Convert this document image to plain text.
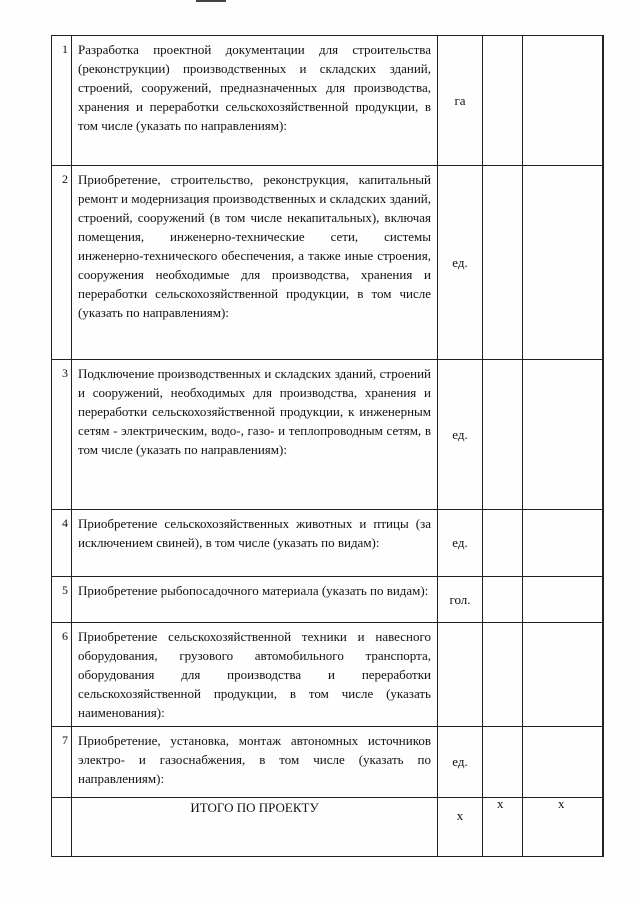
1 Разработка проектной документации для строительства (реконструкции) производственных и складских зданий, строений, сооружений, предназначенных для производства, хранения и переработки сельскохозяйственной продукции, в том числе (указать по направлениям):
га
2 Приобретение, строительство, реконструкция, капитальный ремонт и модернизация производственных и складских зданий, строений, сооружений (в том числе некапитальных), включая помещения, инженерно-технические сети, системы инженерно-технического обеспечения, а также иные строения, сооружения необходимые для производства, хранения и переработки сельскохозяйственной продукции, в том числе (указать по направлениям):
ед.
3 Подключение производственных и складских зданий, строений и сооружений, необходимых для производства, хранения и переработки сельскохозяйственной продукции, к инженерным сетям - электрическим, водо-, газо- и теплопроводным сетям, в том числе (указать по направлениям):
ед.
4 Приобретение сельскохозяйственных животных и птицы (за исключением свиней), в том числе (указать по видам):	ед.
5 Приобретение рыбопосадочного материала (указать по видам):
гол.
6 Приобретение сельскохозяйственной техники и навесного оборудования, грузового автомобильного транспорта, оборудования для производства и переработки сельскохозяйственной продукции, в том числе (указать наименования):
7 Приобретение, установка, монтаж автономных источников электро- и газоснабжения, в том числе (указать по направлениям):
ед.
ИТОГО ПО ПРОЕКТУ
х
х	х
